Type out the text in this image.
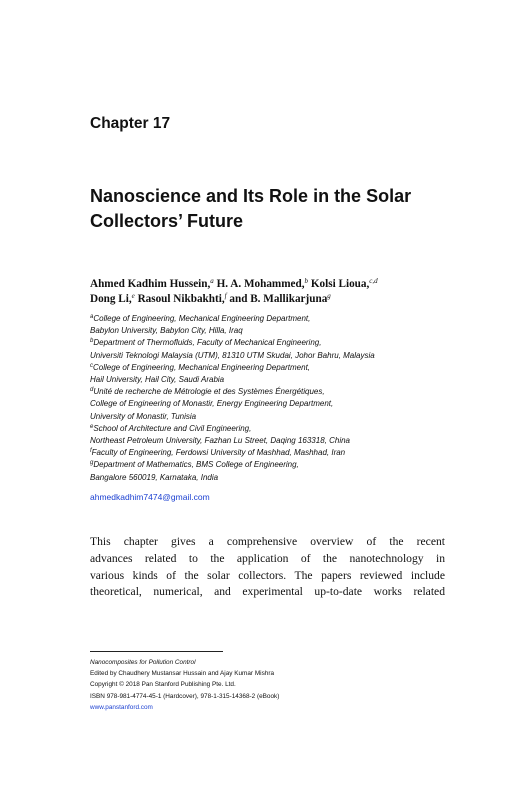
Chapter 17
Nanoscience and Its Role in the Solar
Collectors’ Future
Ahmed Kadhim Hussein,$^a$ H. A. Mohammed,$^b$ Kolsi Lioua,$^{c,d}$
Dong Li,$^e$ Rasoul Nikbakhti,$^f$ and B. Mallikarjuna$^g$
$^a$College of Engineering, Mechanical Engineering Department,
Babylon University, Babylon City, Hilla, Iraq
$^b$Department of Thermofluids, Faculty of Mechanical Engineering,
Universiti Teknologi Malaysia (UTM), 81310 UTM Skudai, Johor Bahru, Malaysia
$^c$College of Engineering, Mechanical Engineering Department,
Hail University, Hail City, Saudi Arabia
$^d$Unité de recherche de Métrologie et des Systèmes Énergétiques,
College of Engineering of Monastir, Energy Engineering Department,
University of Monastir, Tunisia
$^e$School of Architecture and Civil Engineering,
Northeast Petroleum University, Fazhan Lu Street, Daqing 163318, China
$^f$Faculty of Engineering, Ferdowsi University of Mashhad, Mashhad, Iran
$^g$Department of Mathematics, BMS College of Engineering,
Bangalore 560019, Karnataka, India
ahmedkadhim7474@gmail.com
This chapter gives a comprehensive overview of the recent
advances related to the application of the nanotechnology in
various kinds of the solar collectors. The papers reviewed include
theoretical, numerical, and experimental up-to-date works related
Nanocomposites for Pollution Control
Edited by Chaudhery Mustansar Hussain and Ajay Kumar Mishra
Copyright © 2018 Pan Stanford Publishing Pte. Ltd.
ISBN 978-981-4774-45-1 (Hardcover), 978-1-315-14368-2 (eBook)
www.panstanford.com
